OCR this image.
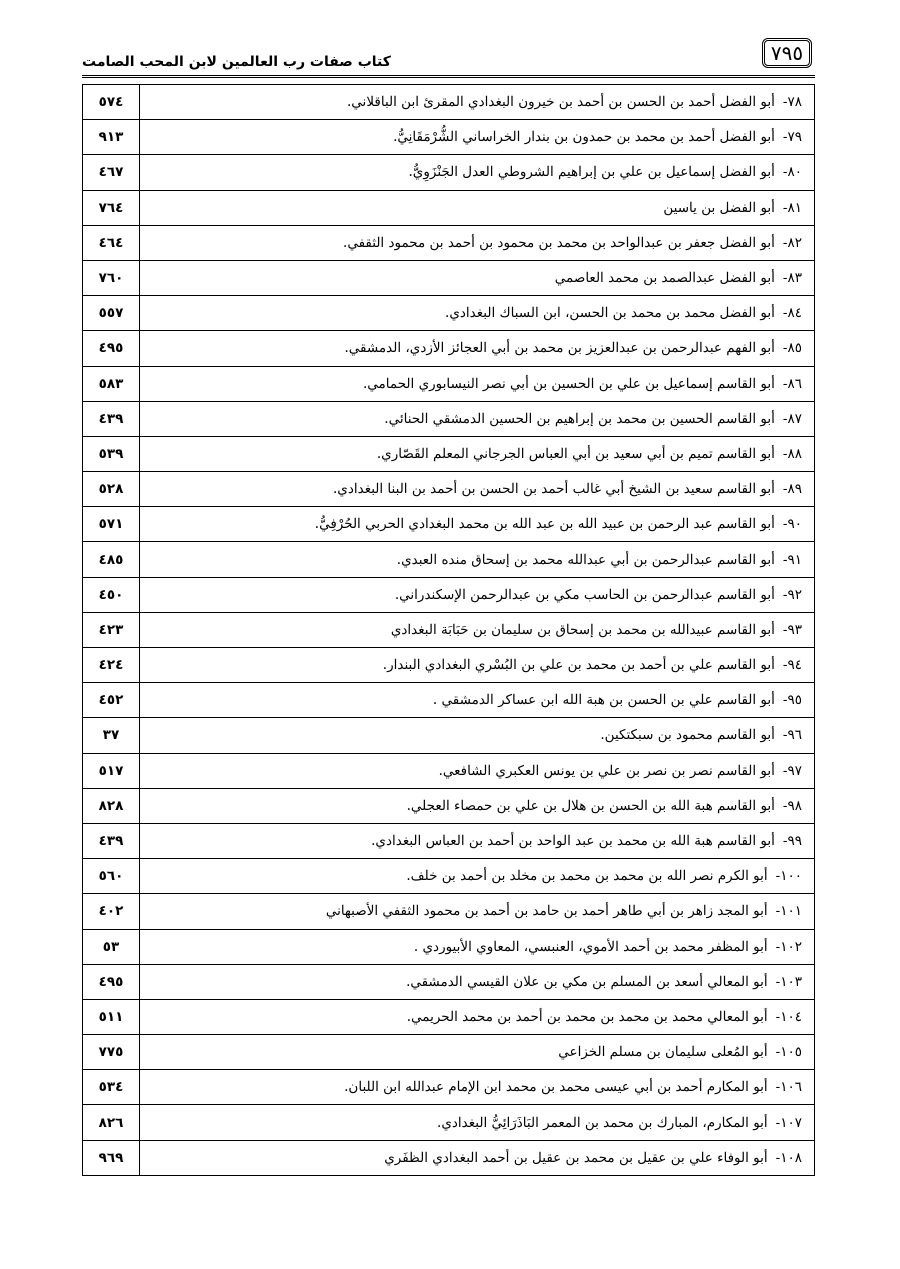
٧٩٥
كتاب صفات رب العالمين لابن المحب الصامت
٥٧٤	٧٨-أبو الفضل أحمد بن الحسن بن أحمد بن خيرون البغدادي المقرئ ابن الباقلاني.
٩١٣	٧٩-أبو الفضل أحمد بن محمد بن حمدون بن بندار الخراساني الشُّرْمَقَانِيُّ.
٤٦٧	٨٠-أبو الفضل إسماعيل بن علي بن إبراهيم الشروطي العدل الجَنْزَوِيُّ.
٧٦٤	٨١-أبو الفضل بن ياسين
٤٦٤	٨٢-أبو الفضل جعفر بن عبدالواحد بن محمد بن محمود بن أحمد بن محمود الثقفي.
٧٦٠	٨٣-أبو الفضل عبدالصمد بن محمد العاصمي
٥٥٧	٨٤-أبو الفضل محمد بن محمد بن الحسن، ابن السباك البغدادي.
٤٩٥	٨٥-أبو الفهم عبدالرحمن بن عبدالعزيز بن محمد بن أبي العجائز الأزدي، الدمشقي.
٥٨٣	٨٦-أبو القاسم إسماعيل بن علي بن الحسين بن أبي نصر النيسابوري الحمامي.
٤٣٩	٨٧-أبو القاسم الحسين بن محمد بن إبراهيم بن الحسين الدمشقي الحنائي.
٥٣٩	٨٨-أبو القاسم تميم بن أبي سعيد بن أبي العباس الجرجاني المعلم القَصّاري.
٥٢٨	٨٩-أبو القاسم سعيد بن الشيخ أبي غالب أحمد بن الحسن بن أحمد بن البنا البغدادي.
٥٧١	٩٠-أبو القاسم عبد الرحمن بن عبيد الله بن عبد الله بن محمد البغدادي الحربي الحُرْفِيُّ.
٤٨٥	٩١-أبو القاسم عبدالرحمن بن أبي عبدالله محمد بن إسحاق منده العبدي.
٤٥٠	٩٢-أبو القاسم عبدالرحمن بن الحاسب مكي بن عبدالرحمن الإسكندراني.
٤٢٣	٩٣-أبو القاسم عبيدالله بن محمد بن إسحاق بن سليمان بن حَبَابَة البغدادي
٤٢٤	٩٤-أبو القاسم علي بن أحمد بن محمد بن علي بن البُسْري البغدادي البندار.
٤٥٢	٩٥-أبو القاسم علي بن الحسن بن هبة الله ابن عساكر الدمشقي .
٣٧	٩٦-أبو القاسم محمود بن سبكتكين.
٥١٧	٩٧-أبو القاسم نصر بن نصر بن علي بن يونس العكبري الشافعي.
٨٢٨	٩٨-أبو القاسم هبة الله بن الحسن بن هلال بن علي بن حمصاء العجلي.
٤٣٩	٩٩-أبو القاسم هبة الله بن محمد بن عبد الواحد بن أحمد بن العباس البغدادي.
٥٦٠	١٠٠-أبو الكرم نصر الله بن محمد بن محمد بن مخلد بن أحمد بن خلف.
٤٠٢	١٠١-أبو المجد زاهر بن أبي طاهر أحمد بن حامد بن أحمد بن محمود الثقفي الأصبهاني
٥٣	١٠٢-أبو المظفر محمد بن أحمد الأموي، العنبسي، المعاوي الأبيوردي .
٤٩٥	١٠٣-أبو المعالي أسعد بن المسلم بن مكي بن علان القيسي الدمشقي.
٥١١	١٠٤-أبو المعالي محمد بن محمد بن محمد بن أحمد بن محمد الحريمي.
٧٧٥	١٠٥-أبو المُعلى سليمان بن مسلم الخزاعي
٥٣٤	١٠٦-أبو المكارم أحمد بن أبي عيسى محمد بن محمد ابن الإمام عبدالله ابن اللبان.
٨٢٦	١٠٧-أبو المكارم، المبارك بن محمد بن المعمر البَاذَرَائِيُّ البغدادي.
٩٦٩	١٠٨-أبو الوفاء علي بن عقيل بن محمد بن عقيل بن أحمد البغدادي الظفَري
